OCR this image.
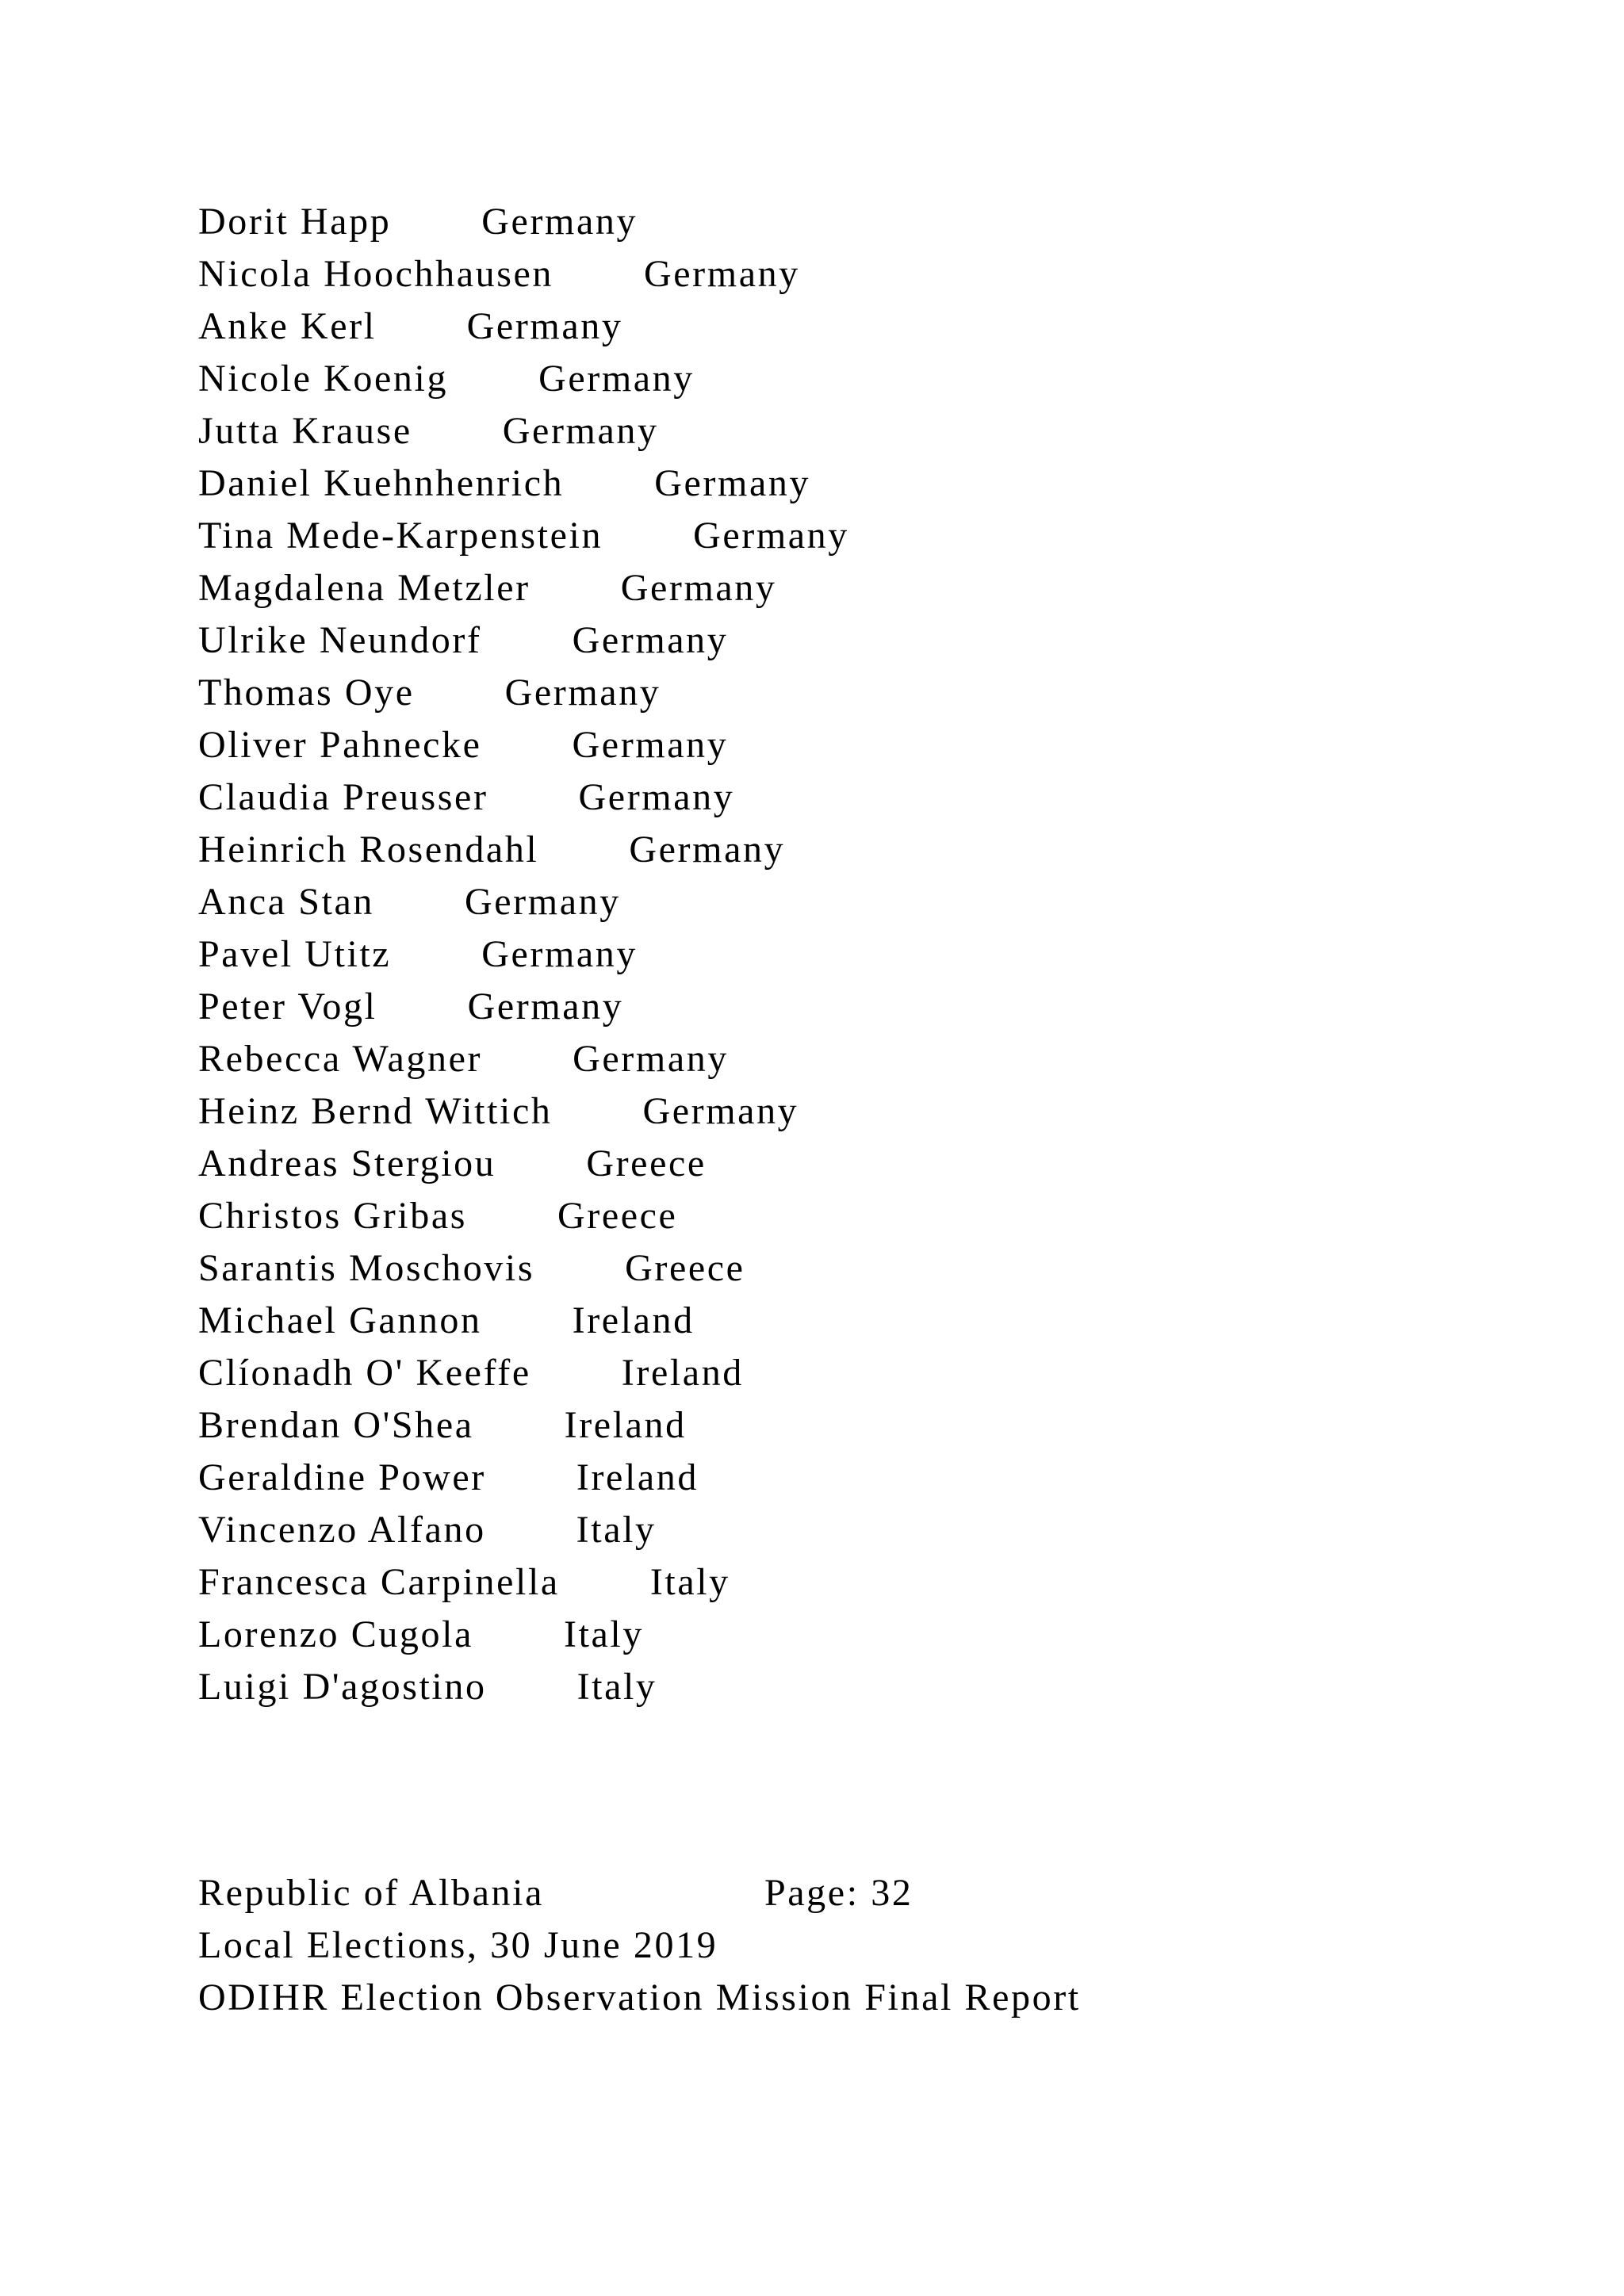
Dorit Happ Germany
Nicola Hoochhausen Germany
Anke Kerl Germany
Nicole Koenig Germany
Jutta Krause Germany
Daniel Kuehnhenrich Germany
Tina Mede-Karpenstein Germany
Magdalena Metzler Germany
Ulrike Neundorf Germany
Thomas Oye Germany
Oliver Pahnecke Germany
Claudia Preusser Germany
Heinrich Rosendahl Germany
Anca Stan Germany
Pavel Utitz Germany
Peter Vogl Germany
Rebecca Wagner Germany
Heinz Bernd Wittich Germany
Andreas Stergiou Greece
Christos Gribas Greece
Sarantis Moschovis Greece
Michael Gannon Ireland
Clíonadh O' Keeffe Ireland
Brendan O'Shea Ireland
Geraldine Power Ireland
Vincenzo Alfano Italy
Francesca Carpinella Italy
Lorenzo Cugola Italy
Luigi D'agostino Italy
Republic of Albania	Page: 32
Local Elections, 30 June 2019
ODIHR Election Observation Mission Final Report
